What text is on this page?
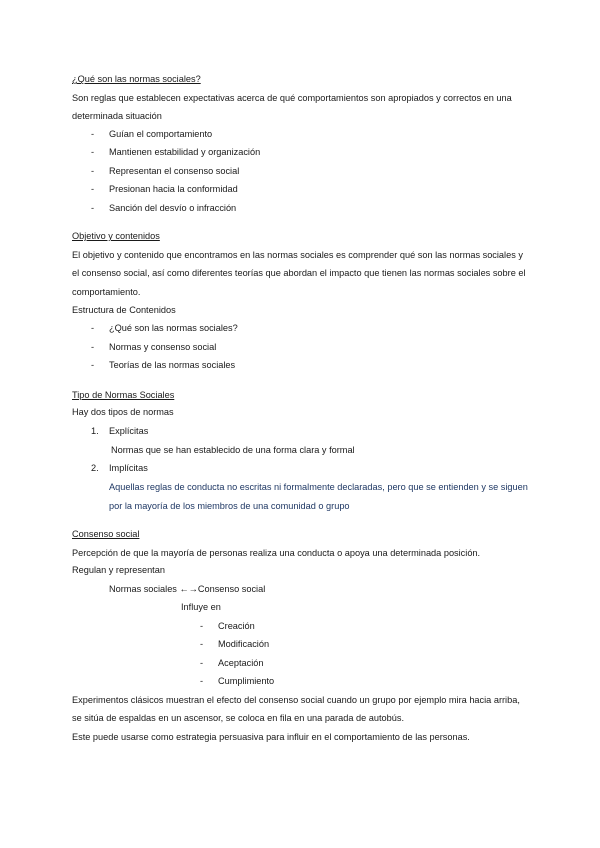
¿Qué son las normas sociales?
Son reglas que establecen expectativas acerca de qué comportamientos son apropiados y correctos en una
determinada situación
- Guían el comportamiento
- Mantienen estabilidad y organización
- Representan el consenso social
- Presionan hacia la conformidad
- Sanción del desvío o infracción
Objetivo y contenidos
El objetivo y contenido que encontramos en las normas sociales es comprender qué son las normas sociales y
el consenso social, así como diferentes teorías que abordan el impacto que tienen las normas sociales sobre el
comportamiento.
Estructura de Contenidos
- ¿Qué son las normas sociales?
- Normas y consenso social
- Teorías de las normas sociales
Tipo de Normas Sociales
Hay dos tipos de normas
1. Explícitas
Normas que se han establecido de una forma clara y formal
2. Implícitas
Aquellas reglas de conducta no escritas ni formalmente declaradas, pero que se entienden y se siguen
por la mayoría de los miembros de una comunidad o grupo
Consenso social
Percepción de que la mayoría de personas realiza una conducta o apoya una determinada posición.
Regulan y representan
Normas sociales ←→Consenso social
Influye en
- Creación
- Modificación
- Aceptación
- Cumplimiento
Experimentos clásicos muestran el efecto del consenso social cuando un grupo por ejemplo mira hacia arriba,
se sitúa de espaldas en un ascensor, se coloca en fila en una parada de autobús.
Este puede usarse como estrategia persuasiva para influir en el comportamiento de las personas.
